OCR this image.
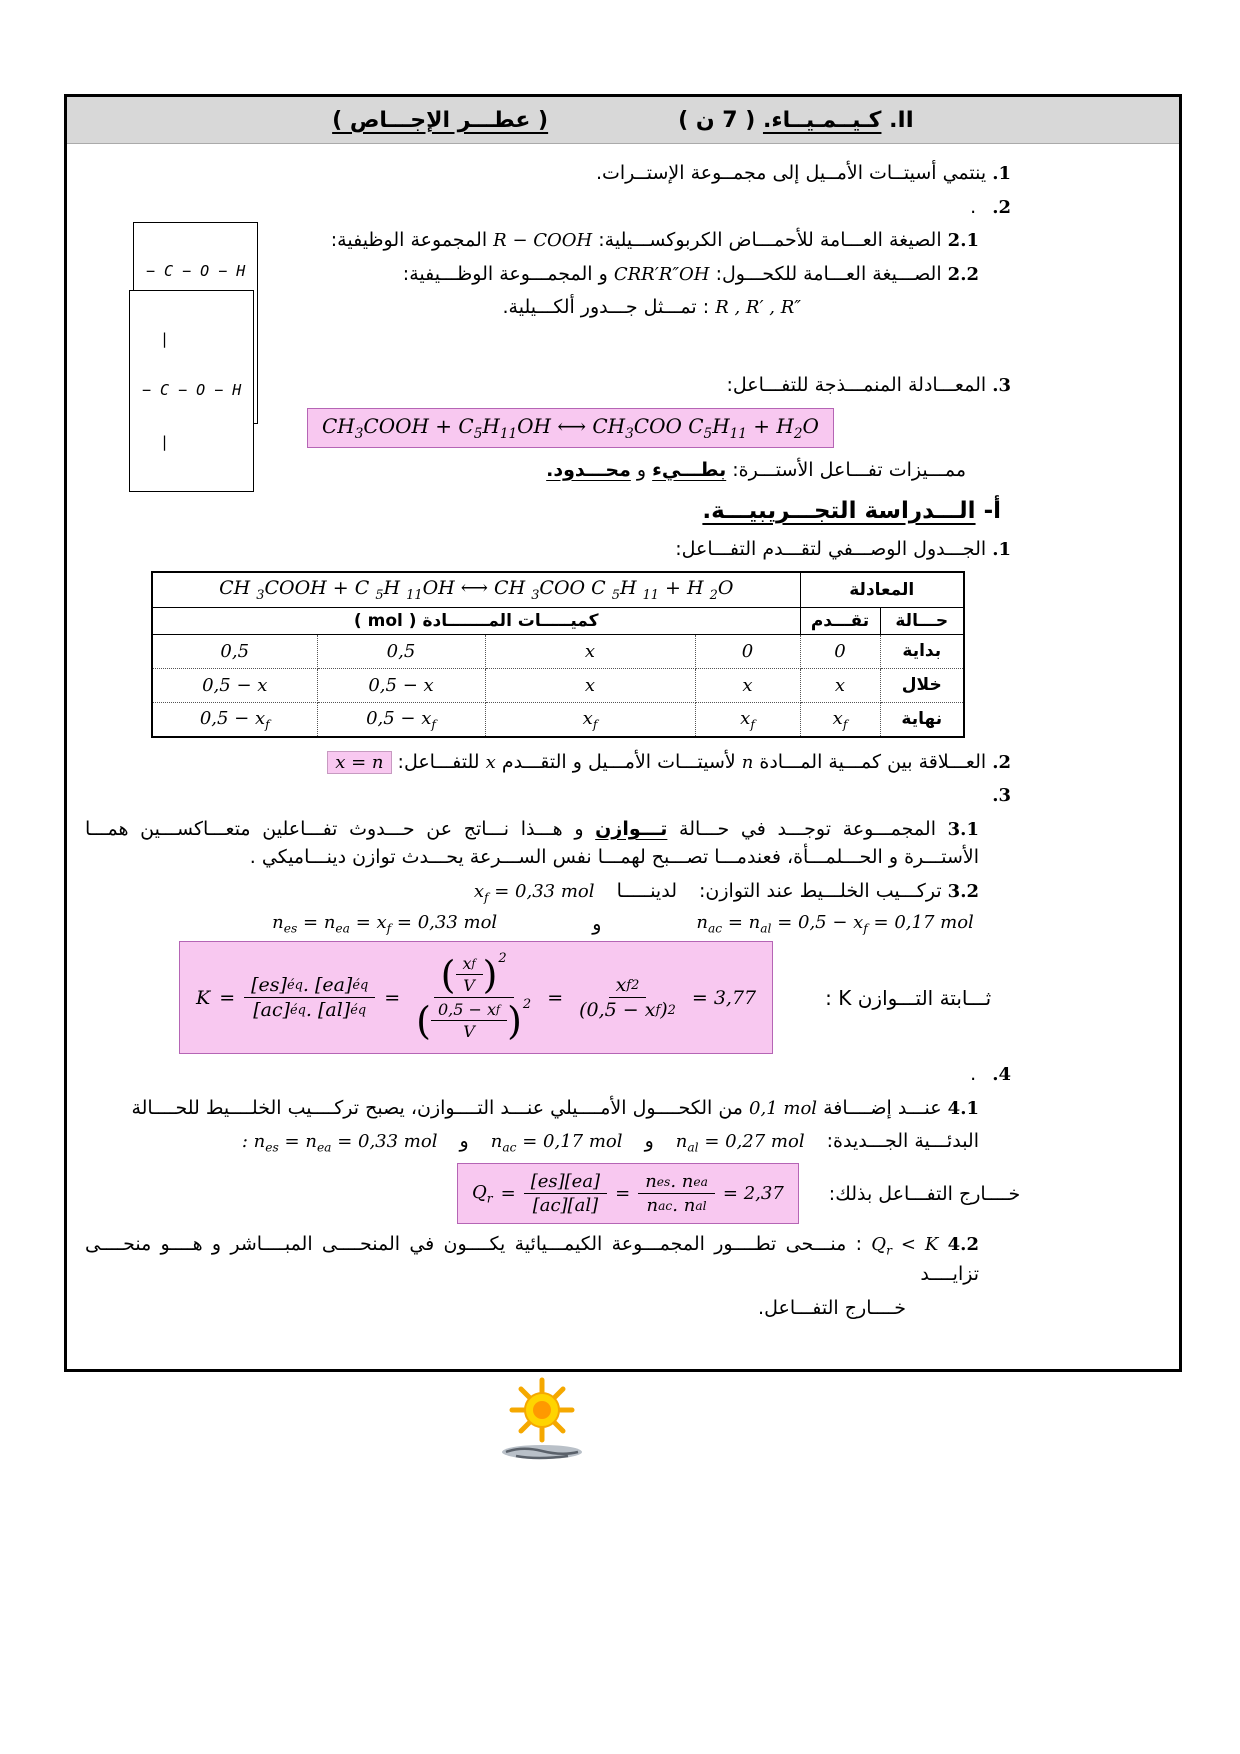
II. كـيــمـيــاء. ( 7 ن )
( عطـــر الإجـــاص )
1. ينتمي أسيتــات الأمــيل إلى مجمــوعة الإستــرات.
2. .

− C − O − H

|

− C − O − H

|

2.1 الصيغة العـــامة للأحمـــاض الكربوكســـيلية: R − COOH المجموعة الوظيفية:
2.2 الصـــيغة العـــامة للكحـــول: CRR′R″OH و المجمـــوعة الوظـــيفية:
R , R′ , R″ : تمـــثل جـــدور ألكـــيلية.
3. المعـــادلة المنمـــذجة للتفـــاعل:
$CH_3COOH + C_5H_{11}OH$ ⟷ $CH_3COO$ $C_5H_{11} + H_2O$
ممـــيزات تفـــاعل الأستـــرة: بطـــيء و محـــدود.
أ- الـــدراسة التجـــريبيـــة.
1. الجـــدول الوصـــفي لتقـــدم التفـــاعل:
CH $_3$COOH + C $_5$H $_{11}$OH ⟷ CH $_3$COO C $_5$H $_{11}$ + H $_2$O				المعادلة	
كميـــــات المـــــــادة ( mol )				تقـــدم	حـــالة
0,5	0,5	x	0	0	بداية
0,5 − x	0,5 − x	x	x	x	خلال
$0,5 - x_f$	$0,5 - x_f$	$x_f$	$x_f$	$x_f$	نهاية
2. العـــلاقة بين كمـــية المـــادة n لأسيتـــات الأمـــيل و التقـــدم x للتفـــاعل: x = n
3.
3.1 المجمـــوعة توجـــد في حـــالة تـــوازن و هـــذا نـــاتج عن حـــدوث تفـــاعلين متعـــاكســـين همـــا الأستـــرة و الحـــلمـــأة، فعندمـــا تصـــبح لهمـــا نفس الســـرعة يحـــدث توازن دينـــاميكي .
3.2 تركـــيب الخلـــيط عند التوازن: لدينـــــا $x_f = 0,33$ mol
$n_{es} = n_{ea} = x_f = 0,33$ mol	و	$n_{ac} = n_{al} = 0,5 - x_f = 0,17$ mol
$K = \frac{[es] éq . [ea] éq}{[ac] éq . [al] éq}$ =
( $\frac{\text{x f}}{V}$ ) 2
( 0,5 − x f
V ) $2 = \frac{\text{x f 2}}{\text{(0,5 − x f ) 2}} = 3,77$	ثـــابتة التـــوازن K :
4. .
4.1 عنـــد إضــــافة 0,1 mol من الكحــــول الأمــــيلي عنـــد التــــوازن، يصبح تركــــيب الخلــــيط للحــــالة
البدئـــية الجـــديدة: $n_{al} = 0,27$ mol و $n_{ac} = 0,17$ mol و : $n_{es} = n_{ea} = 0,33$ mol
$Q_r = \frac{[es][ea]}{[ac][al]}$ =
n es . n ea
n ac . n al
= 2,37 خــــارج التفـــاعل بذلك:
4.2 $Q_r < K$ : منـــحى تطــــور المجمـــوعة الكيمـــيائية يكــــون في المنحــــى المبــــاشر و هــــو منحــــى تزايــــد
خــــارج التفـــاعل.
